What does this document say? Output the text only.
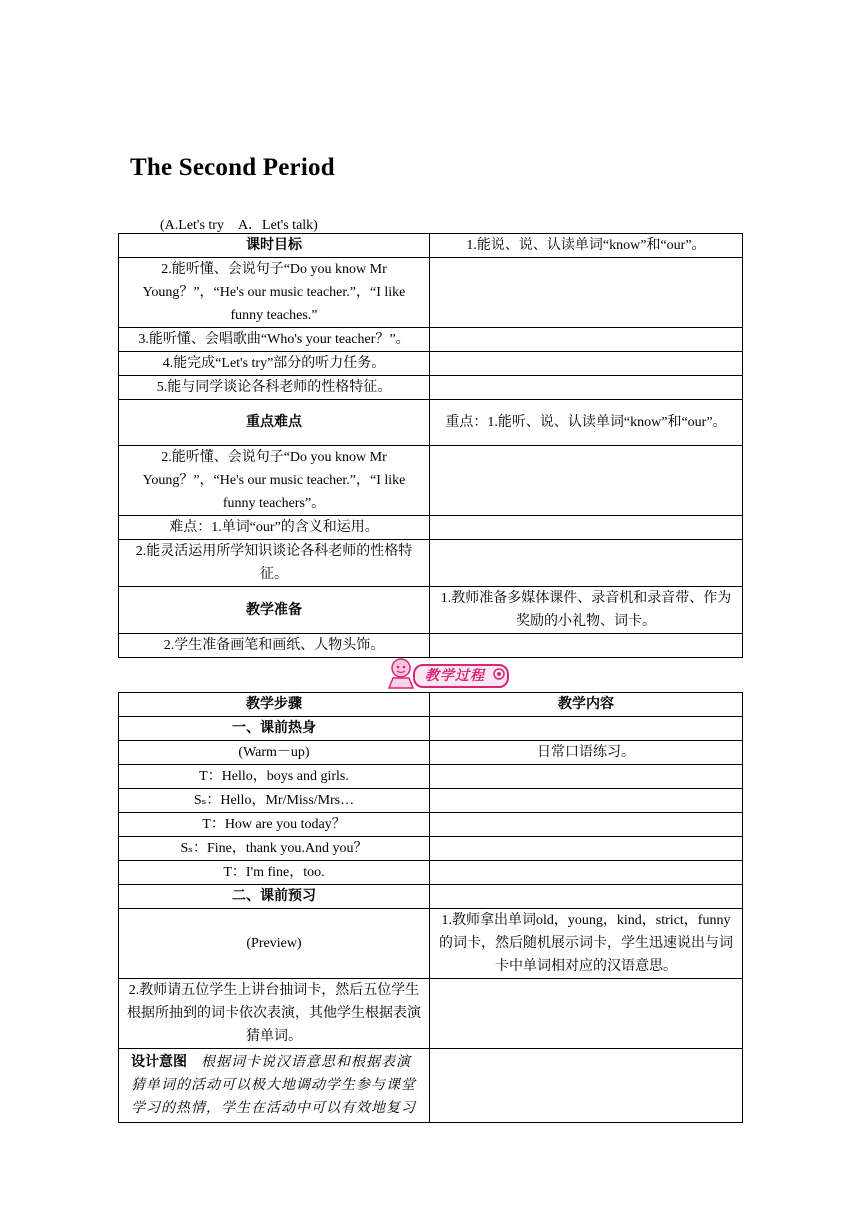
The Second Period
(A.Let's try　A．Let's talk)
课时目标	1.能说、说、认读单词“know”和“our”。
2.能听懂、会说句子“Do you know Mr Young？”，“He's our music teacher.”，“I like funny teaches.”	
3.能听懂、会唱歌曲“Who's your teacher？”。	
4.能完成“Let's try”部分的听力任务。	
5.能与同学谈论各科老师的性格特征。	
重点难点	重点：1.能听、说、认读单词“know”和“our”。
2.能听懂、会说句子“Do you know Mr Young？”，“He's our music teacher.”，“I like funny teachers”。	
难点：1.单词“our”的含义和运用。	
2.能灵活运用所学知识谈论各科老师的性格特征。	
教学准备	1.教师准备多媒体课件、录音机和录音带、作为奖励的小礼物、词卡。
2.学生准备画笔和画纸、人物头饰。	
教学过程
教学步骤	教学内容
一、课前热身	
(Warm－up)	日常口语练习。
T：Hello，boys and girls.	
Sₛ：Hello，Mr/Miss/Mrs…	
T：How are you today？	
Sₛ：Fine，thank you.And you？	
T：I'm fine，too.	
二、课前预习	
(Preview)	1.教师拿出单词old，young，kind，strict，funny的词卡，然后随机展示词卡，学生迅速说出与词卡中单词相对应的汉语意思。
2.教师请五位学生上讲台抽词卡，然后五位学生根据所抽到的词卡依次表演，其他学生根据表演猜单词。	
设计意图 根据词卡说汉语意思和根据表演猜单词的活动可以极大地调动学生参与课堂学习的热情，学生在活动中可以有效地复习	
